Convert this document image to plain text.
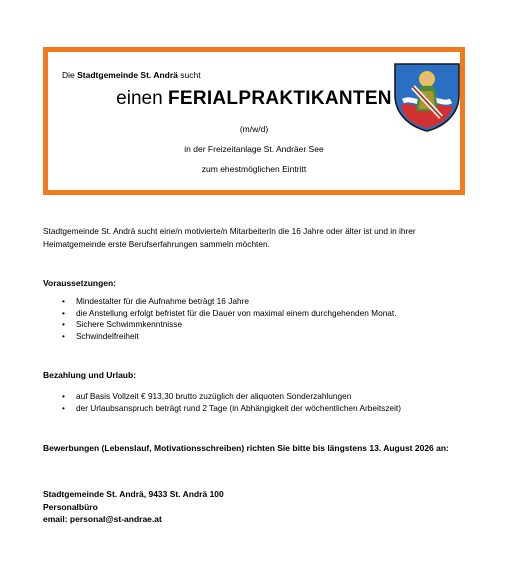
Die Stadtgemeinde St. Andrä sucht
einen FERIALPRAKTIKANTEN
(m/w/d)
in der Freizeitanlage St. Andräer See
zum ehestmöglichen Eintritt
Stadtgemeinde St. Andrä sucht eine/n motivierte/n MitarbeiterIn die 16 Jahre oder älter ist und in ihrer Heimatgemeinde erste Berufserfahrungen sammeln möchten.
Voraussetzungen:
• Mindestalter für die Aufnahme beträgt 16 Jahre
• die Anstellung erfolgt befristet für die Dauer von maximal einem durchgehenden Monat.
• Sichere Schwimmkenntnisse
• Schwindelfreiheit
Bezahlung und Urlaub:
• auf Basis Vollzeit € 913,30 brutto zuzüglich der aliquoten Sonderzahlungen
• der Urlaubsanspruch beträgt rund 2 Tage (in Abhängigkeit der wöchentlichen Arbeitszeit)
Bewerbungen (Lebenslauf, Motivationsschreiben) richten Sie bitte bis längstens 13. August 2026 an:
Stadtgemeinde St. Andrä, 9433 St. Andrä 100
Personalbüro
email: personal@st-andrae.at
